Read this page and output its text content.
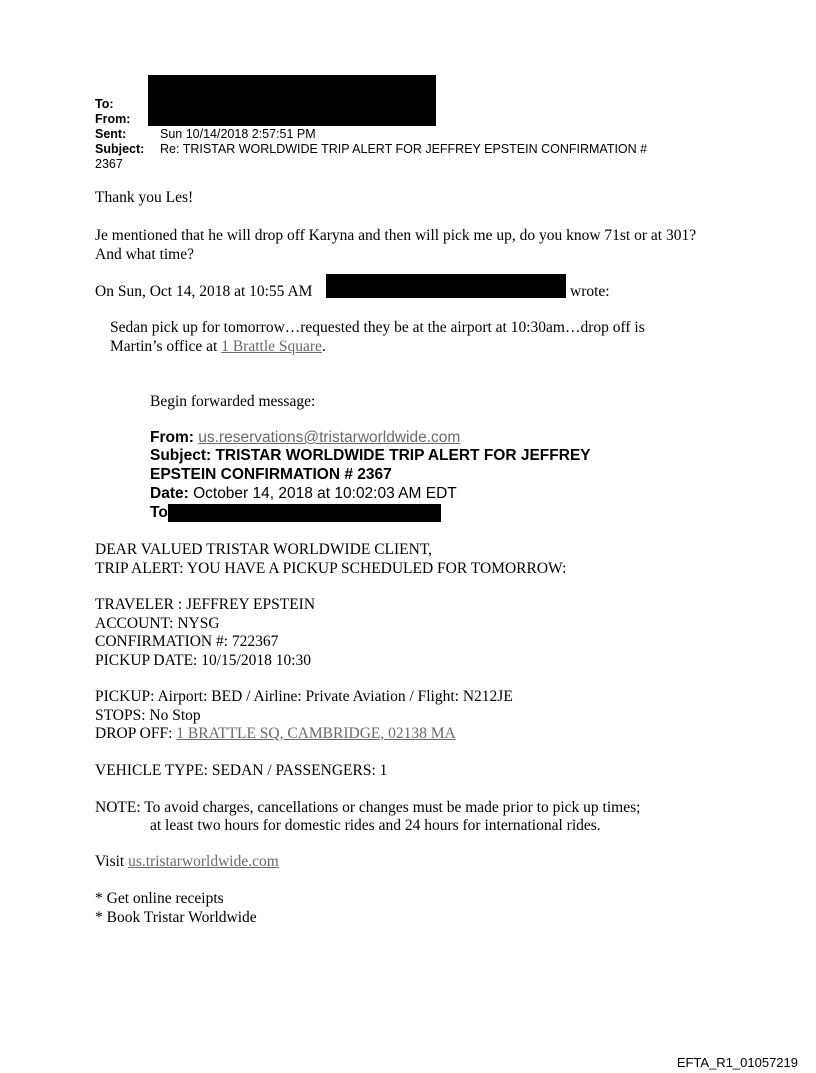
To:
From:
Sent:	Sun 10/14/2018 2:57:51 PM
Subject: Re: TRISTAR WORLDWIDE TRIP ALERT FOR JEFFREY EPSTEIN CONFIRMATION #
2367
Thank you Les!
Je mentioned that he will drop off Karyna and then will pick me up, do you know 71st or at 301?
And what time?
On Sun, Oct 14, 2018 at 10:55 AM	wrote:
Sedan pick up for tomorrow…requested they be at the airport at 10:30am…drop off is
Martin’s office at 1 Brattle Square.
Begin forwarded message:
From: us.reservations@tristarworldwide.com
Subject: TRISTAR WORLDWIDE TRIP ALERT FOR JEFFREY
EPSTEIN CONFIRMATION # 2367
Date: October 14, 2018 at 10:02:03 AM EDT
To
DEAR VALUED TRISTAR WORLDWIDE CLIENT,
TRIP ALERT: YOU HAVE A PICKUP SCHEDULED FOR TOMORROW:
TRAVELER : JEFFREY EPSTEIN
ACCOUNT: NYSG
CONFIRMATION #: 722367
PICKUP DATE: 10/15/2018 10:30
PICKUP: Airport: BED / Airline: Private Aviation / Flight: N212JE
STOPS: No Stop
DROP OFF: 1 BRATTLE SQ, CAMBRIDGE, 02138 MA
VEHICLE TYPE: SEDAN / PASSENGERS: 1
NOTE: To avoid charges, cancellations or changes must be made prior to pick up times;
at least two hours for domestic rides and 24 hours for international rides.
Visit us.tristarworldwide.com
* Get online receipts
* Book Tristar Worldwide
EFTA_R1_01057219
